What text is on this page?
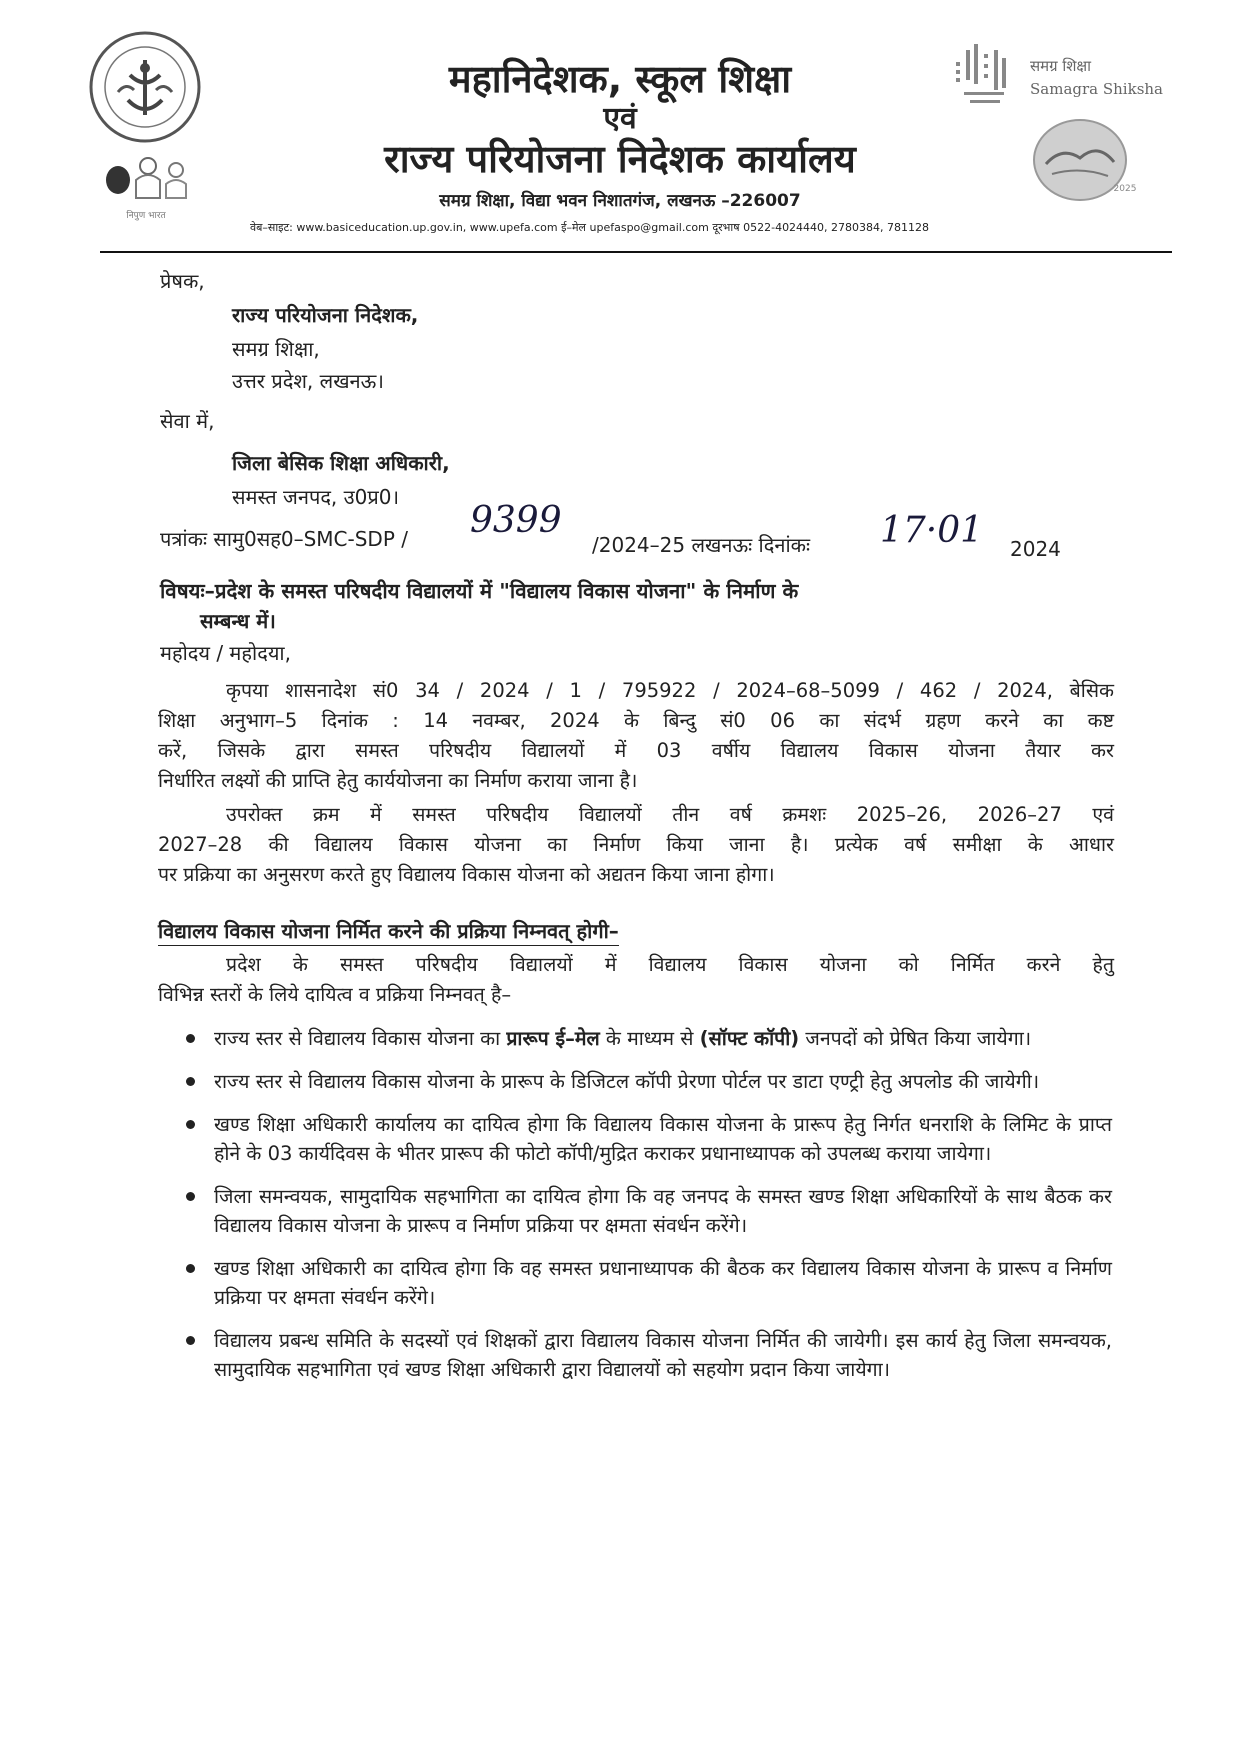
निपुण भारत
महानिदेशक, स्कूल शिक्षा
एवं
राज्य परियोजना निदेशक कार्यालय
समग्र शिक्षा, विद्या भवन निशातगंज, लखनऊ –226007
वेब–साइट: www.basiceducation.up.gov.in, www.upefa.com ई–मेल upefaspo@gmail.com दूरभाष 0522-4024440, 2780384, 781128
समग्र शिक्षा
Samagra Shiksha
2025
प्रेषक,
राज्य परियोजना निदेशक,
समग्र शिक्षा,
उत्तर प्रदेश, लखनऊ।
सेवा में,
जिला बेसिक शिक्षा अधिकारी,
समस्त जनपद, उ0प्र0।
पत्रांकः सामु0सह0–SMC-SDP / 9399
/2024–25 लखनऊः दिनांकः 17·01 2024
विषयः–प्रदेश के समस्त परिषदीय विद्यालयों में "विद्यालय विकास योजना" के निर्माण के
सम्बन्ध में।
महोदय / महोदया,
कृपया शासनादेश सं0 34 / 2024 / 1 / 795922 / 2024–68–5099 / 462 / 2024, बेसिक
शिक्षा अनुभाग–5 दिनांक : 14 नवम्बर, 2024 के बिन्दु सं0 06 का संदर्भ ग्रहण करने का कष्ट
करें, जिसके द्वारा समस्त परिषदीय विद्यालयों में 03 वर्षीय विद्यालय विकास योजना तैयार कर
निर्धारित लक्ष्यों की प्राप्ति हेतु कार्ययोजना का निर्माण कराया जाना है।
उपरोक्त क्रम में समस्त परिषदीय विद्यालयों तीन वर्ष क्रमशः 2025–26, 2026–27 एवं
2027–28 की विद्यालय विकास योजना का निर्माण किया जाना है। प्रत्येक वर्ष समीक्षा के आधार
पर प्रक्रिया का अनुसरण करते हुए विद्यालय विकास योजना को अद्यतन किया जाना होगा।
विद्यालय विकास योजना निर्मित करने की प्रक्रिया निम्नवत् होगी–
प्रदेश के समस्त परिषदीय विद्यालयों में विद्यालय विकास योजना को निर्मित करने हेतु
विभिन्न स्तरों के लिये दायित्व व प्रक्रिया निम्नवत् है–
राज्य स्तर से विद्यालय विकास योजना का प्रारूप ई–मेल के माध्यम से (सॉफ्ट कॉपी) जनपदों को प्रेषित किया जायेगा।
राज्य स्तर से विद्यालय विकास योजना के प्रारूप के डिजिटल कॉपी प्रेरणा पोर्टल पर डाटा एण्ट्री हेतु अपलोड की जायेगी।
खण्ड शिक्षा अधिकारी कार्यालय का दायित्व होगा कि विद्यालय विकास योजना के प्रारूप हेतु निर्गत धनराशि के लिमिट के प्राप्त होने के 03 कार्यदिवस के भीतर प्रारूप की फोटो कॉपी/मुद्रित कराकर प्रधानाध्यापक को उपलब्ध कराया जायेगा।
जिला समन्वयक, सामुदायिक सहभागिता का दायित्व होगा कि वह जनपद के समस्त खण्ड शिक्षा अधिकारियों के साथ बैठक कर विद्यालय विकास योजना के प्रारूप व निर्माण प्रक्रिया पर क्षमता संवर्धन करेंगे।
खण्ड शिक्षा अधिकारी का दायित्व होगा कि वह समस्त प्रधानाध्यापक की बैठक कर विद्यालय विकास योजना के प्रारूप व निर्माण प्रक्रिया पर क्षमता संवर्धन करेंगे।
विद्यालय प्रबन्ध समिति के सदस्यों एवं शिक्षकों द्वारा विद्यालय विकास योजना निर्मित की जायेगी। इस कार्य हेतु जिला समन्वयक, सामुदायिक सहभागिता एवं खण्ड शिक्षा अधिकारी द्वारा विद्यालयों को सहयोग प्रदान किया जायेगा।
